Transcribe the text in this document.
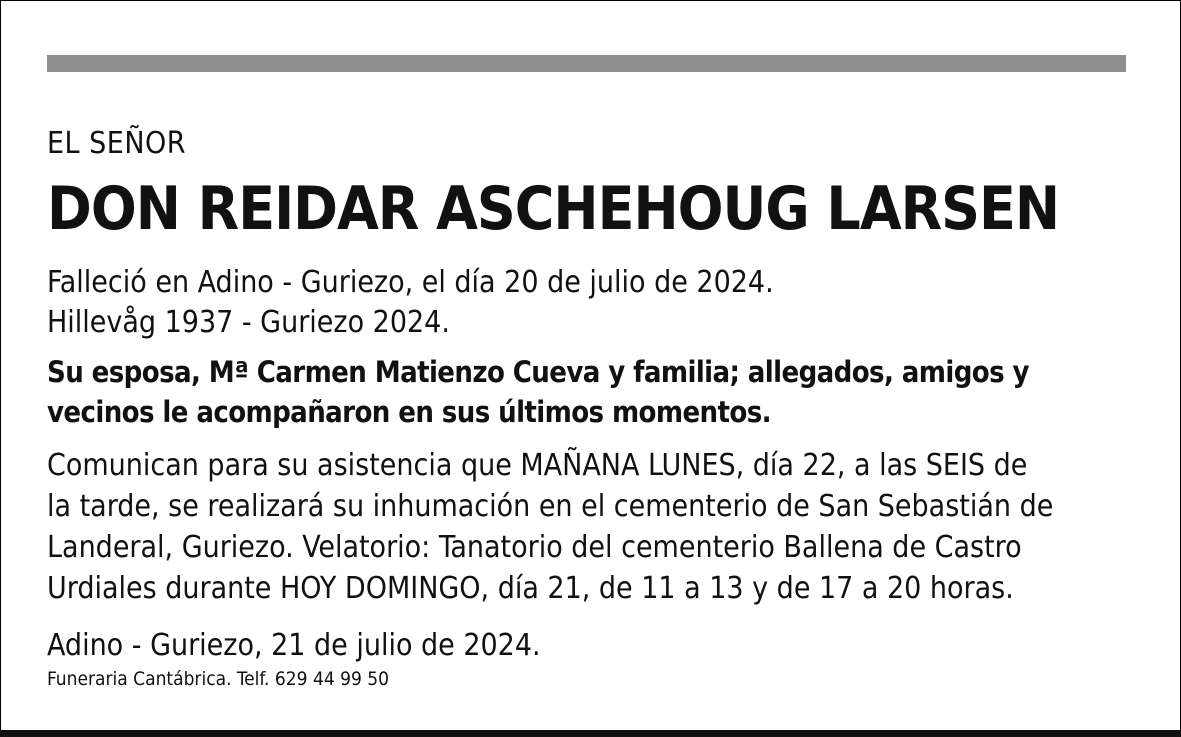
EL SEÑOR

DON REIDAR ASCHEHOUG LARSEN

Falleció en Adino - Guriezo, el día 20 de julio de 2024.

Hillevåg 1937 - Guriezo 2024.

Su esposa, Mª Carmen Matienzo Cueva y familia; allegados, amigos y
vecinos le acompañaron en sus últimos momentos.
Comunican para su asistencia que MAÑANA LUNES, día 22, a las SEIS de
la tarde, se realizará su inhumación en el cementerio de San Sebastián de
Landeral, Guriezo. Velatorio: Tanatorio del cementerio Ballena de Castro
Urdiales durante HOY DOMINGO, día 21, de 11 a 13 y de 17 a 20 horas.

Adino - Guriezo, 21 de julio de 2024.

Funeraria Cantábrica. Telf. 629 44 99 50
